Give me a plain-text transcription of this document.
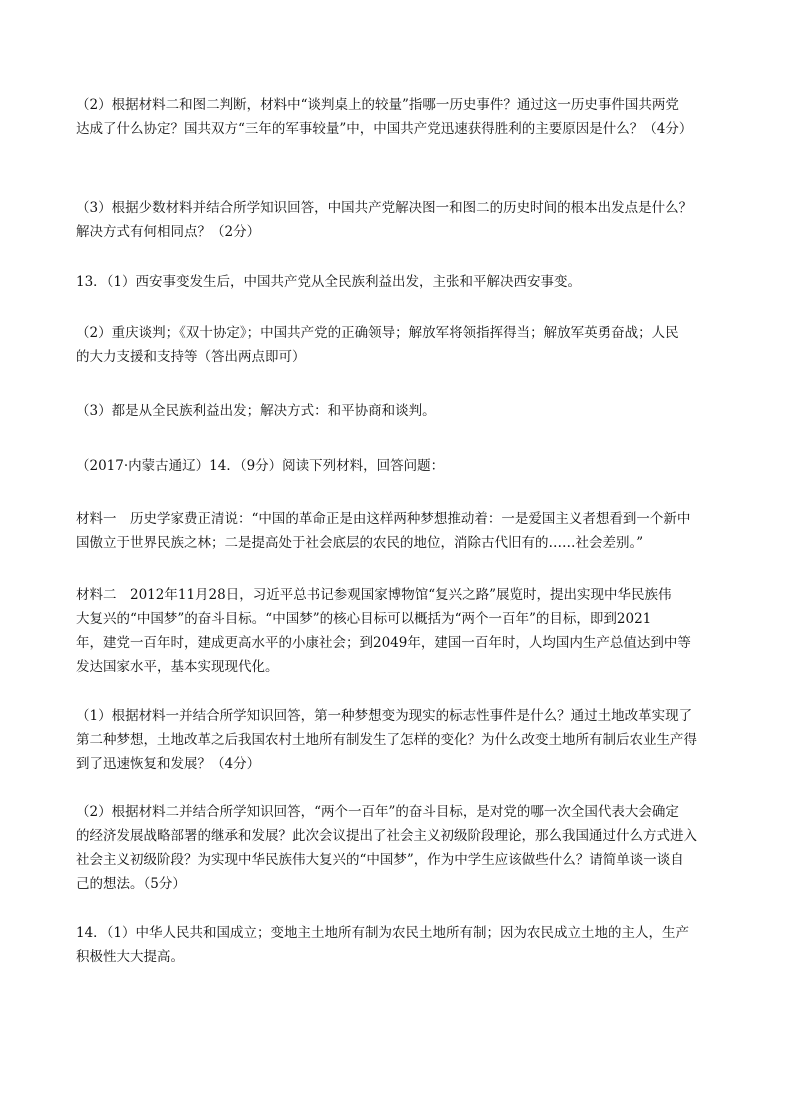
（2）根据材料二和图二判断，材料中“谈判桌上的较量”指哪一历史事件？通过这一历史事件国共两党
达成了什么协定？国共双方“三年的军事较量”中，中国共产党迅速获得胜利的主要原因是什么？（4分）

（3）根据少数材料并结合所学知识回答，中国共产党解决图一和图二的历史时间的根本出发点是什么？
解决方式有何相同点？（2分）

13．（1）西安事变发生后，中国共产党从全民族利益出发，主张和平解决西安事变。

（2）重庆谈判；《双十协定》；中国共产党的正确领导；解放军将领指挥得当；解放军英勇奋战；人民
的大力支援和支持等（答出两点即可）

（3）都是从全民族利益出发；解决方式：和平协商和谈判。

（2017·内蒙古通辽）14．（9分）阅读下列材料，回答问题：

材料一　历史学家费正清说：“中国的革命正是由这样两种梦想推动着：一是爱国主义者想看到一个新中
国傲立于世界民族之林；二是提高处于社会底层的农民的地位，消除古代旧有的……社会差别。”

材料二　2012年11月28日，习近平总书记参观国家博物馆“复兴之路”展览时，提出实现中华民族伟
大复兴的“中国梦”的奋斗目标。“中国梦”的核心目标可以概括为“两个一百年”的目标，即到2021
年，建党一百年时，建成更高水平的小康社会；到2049年，建国一百年时，人均国内生产总值达到中等
发达国家水平，基本实现现代化。

（1）根据材料一并结合所学知识回答，第一种梦想变为现实的标志性事件是什么？通过土地改革实现了
第二种梦想，土地改革之后我国农村土地所有制发生了怎样的变化？为什么改变土地所有制后农业生产得
到了迅速恢复和发展？（4分）

（2）根据材料二并结合所学知识回答，“两个一百年”的奋斗目标，是对党的哪一次全国代表大会确定
的经济发展战略部署的继承和发展？此次会议提出了社会主义初级阶段理论，那么我国通过什么方式进入
社会主义初级阶段？为实现中华民族伟大复兴的“中国梦”，作为中学生应该做些什么？请简单谈一谈自
己的想法。（5分）

14．（1）中华人民共和国成立；变地主土地所有制为农民土地所有制；因为农民成立土地的主人，生产
积极性大大提高。
